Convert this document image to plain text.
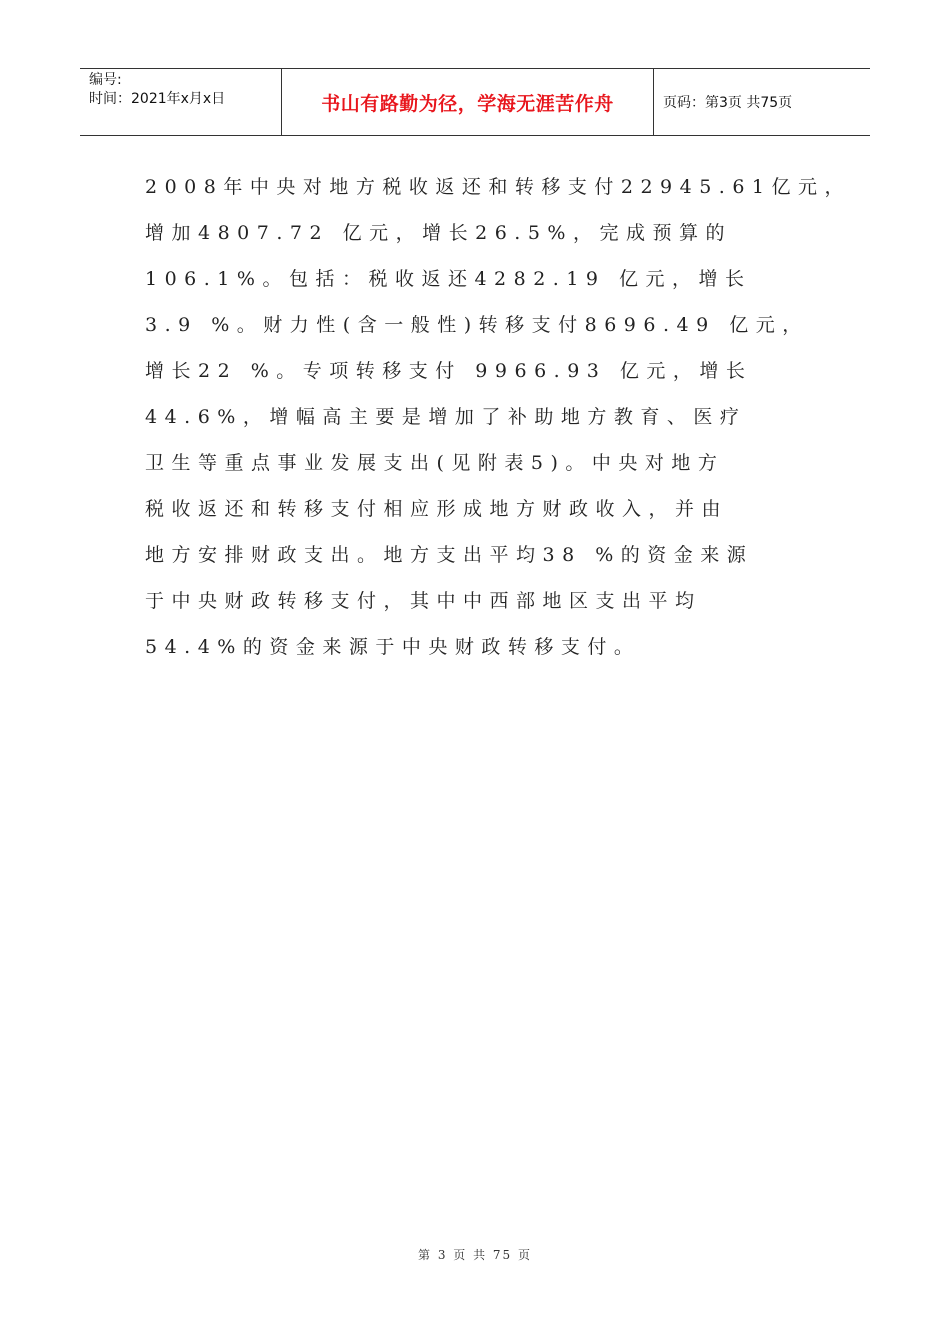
编号:
时间：2021年x月x日	书山有路勤为径，学海无涯苦作舟	页码：第3页 共75页
2008年中央对地方税收返还和转移支付22945.61亿元，
增加4807.72 亿元，增长26.5%，完成预算的
106.1%。包括：税收返还4282.19 亿元，增长
3.9 %。财力性(含一般性)转移支付8696.49 亿元，
增长22 %。专项转移支付 9966.93 亿元，增长
44.6%，增幅高主要是增加了补助地方教育、医疗
卫生等重点事业发展支出(见附表5)。中央对地方
税收返还和转移支付相应形成地方财政收入，并由
地方安排财政支出。地方支出平均38 %的资金来源
于中央财政转移支付，其中中西部地区支出平均
54.4%的资金来源于中央财政转移支付。
第 3 页 共 75 页
